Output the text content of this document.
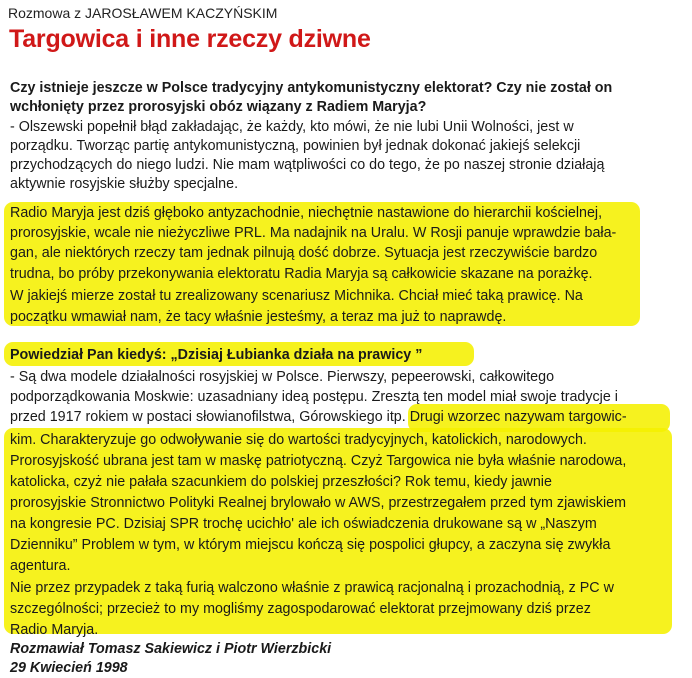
Rozmowa z JAROSŁAWEM KACZYŃSKIM
Targowica i inne rzeczy dziwne
Czy istnieje jeszcze w Polsce tradycyjny antykomunistyczny elektorat? Czy nie został on
wchłonięty przez prorosyjski obóz wiązany z Radiem Maryja?
- Olszewski popełnił błąd zakładając, że każdy, kto mówi, że nie lubi Unii Wolności, jest w
porządku. Tworząc partię antykomunistyczną, powinien był jednak dokonać jakiejś selekcji
przychodzących do niego ludzi. Nie mam wątpliwości co do tego, że po naszej stronie działają
aktywnie rosyjskie służby specjalne.
Radio Maryja jest dziś głęboko antyzachodnie, niechętnie nastawione do hierarchii kościelnej,
prorosyjskie, wcale nie nieżyczliwe PRL. Ma nadajnik na Uralu. W Rosji panuje wprawdzie bała-
gan, ale niektórych rzeczy tam jednak pilnują dość dobrze. Sytuacja jest rzeczywiście bardzo
trudna, bo próby przekonywania elektoratu Radia Maryja są całkowicie skazane na porażkę.
W jakiejś mierze został tu zrealizowany scenariusz Michnika. Chciał mieć taką prawicę. Na
początku wmawiał nam, że tacy właśnie jesteśmy, a teraz ma już to naprawdę.
Powiedział Pan kiedyś: „Dzisiaj Łubianka działa na prawicy ”
- Są dwa modele działalności rosyjskiej w Polsce. Pierwszy, pepeerowski, całkowitego
podporządkowania Moskwie: uzasadniany ideą postępu. Zresztą ten model miał swoje tradycje i
przed 1917 rokiem w postaci słowianofilstwa, Górowskiego itp. Drugi wzorzec nazywam targowic-
kim. Charakteryzuje go odwoływanie się do wartości tradycyjnych, katolickich, narodowych.
Prorosyjskość ubrana jest tam w maskę patriotyczną. Czyż Targowica nie była właśnie narodowa,
katolicka, czyż nie pałała szacunkiem do polskiej przeszłości? Rok temu, kiedy jawnie
prorosyjskie Stronnictwo Polityki Realnej brylowało w AWS, przestrzegałem przed tym zjawiskiem
na kongresie PC. Dzisiaj SPR trochę ucichło' ale ich oświadczenia drukowane są w „Naszym
Dzienniku” Problem w tym, w którym miejscu kończą się pospolici głupcy, a zaczyna się zwykła
agentura.
Nie przez przypadek z taką furią walczono właśnie z prawicą racjonalną i prozachodnią, z PC w
szczególności; przecież to my mogliśmy zagospodarować elektorat przejmowany dziś przez
Radio Maryja.
Rozmawiał Tomasz Sakiewicz i Piotr Wierzbicki
29 Kwiecień 1998
